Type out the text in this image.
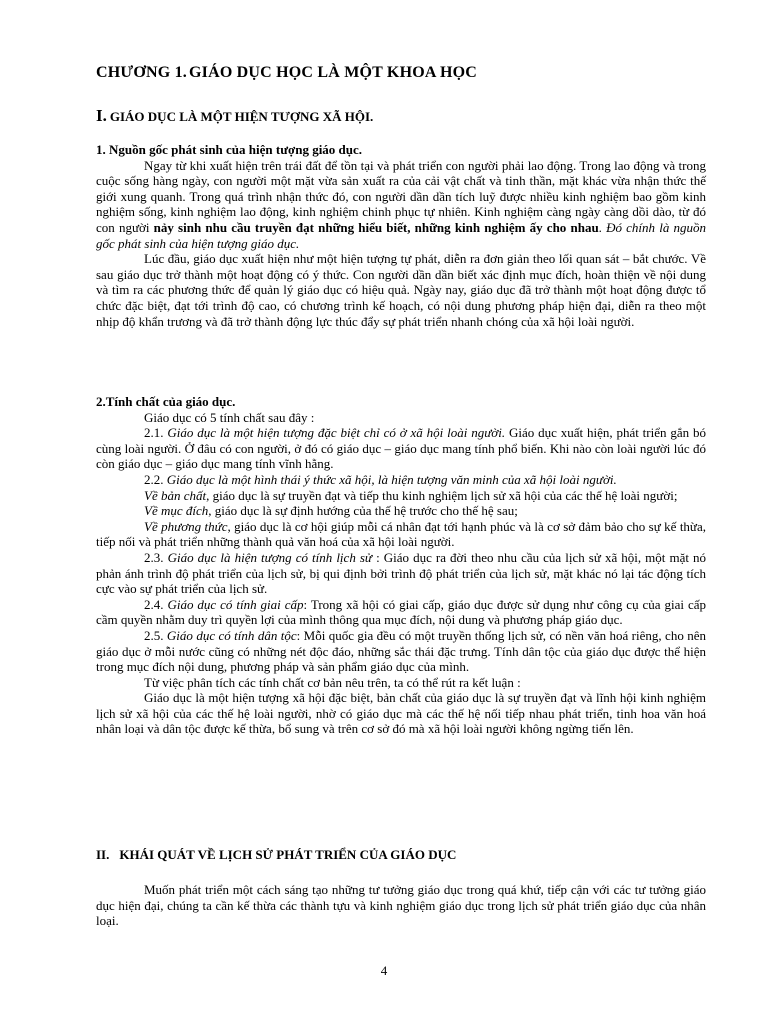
CHƯƠNG 1. GIÁO DỤC HỌC LÀ MỘT KHOA HỌC
I. GIÁO DỤC LÀ MỘT HIỆN TƯỢNG XÃ HỘI.
1. Nguồn gốc phát sinh của hiện tượng giáo dục.

Ngay từ khi xuất hiện trên trái đất để tồn tại và phát triển con người phải lao động. Trong lao động và trong cuộc sống hàng ngày, con người một mặt vừa sản xuất ra của cải vật chất và tinh thần, mặt khác vừa nhận thức thế giới xung quanh. Trong quá trình nhận thức đó, con người dần dần tích luỹ được nhiều kinh nghiệm bao gồm kinh nghiệm sống, kinh nghiệm lao động, kinh nghiệm chinh phục tự nhiên. Kinh nghiệm càng ngày càng dồi dào, từ đó con người nảy sinh nhu cầu truyền đạt những hiểu biết, những kinh nghiệm ấy cho nhau. Đó chính là nguồn gốc phát sinh của hiện tượng giáo dục.

Lúc đầu, giáo dục xuất hiện như một hiện tượng tự phát, diễn ra đơn giản theo lối quan sát – bắt chước. Về sau giáo dục trở thành một hoạt động có ý thức. Con người dần dần biết xác định mục đích, hoàn thiện về nội dung và tìm ra các phương thức để quản lý giáo dục có hiệu quả. Ngày nay, giáo dục đã trở thành một hoạt động được tổ chức đặc biệt, đạt tới trình độ cao, có chương trình kế hoạch, có nội dung phương pháp hiện đại, diễn ra theo một nhịp độ khẩn trương và đã trở thành động lực thúc đẩy sự phát triển nhanh chóng của xã hội loài người.

2.Tính chất của giáo dục.

Giáo dục có 5 tính chất sau đây :

2.1. Giáo dục là một hiện tượng đặc biệt chỉ có ở xã hội loài người. Giáo dục xuất hiện, phát triển gắn bó cùng loài người. Ở đâu có con người, ở đó có giáo dục – giáo dục mang tính phổ biến. Khi nào còn loài người lúc đó còn giáo dục – giáo dục mang tính vĩnh hằng.

2.2. Giáo dục là một hình thái ý thức xã hội, là hiện tượng văn minh của xã hội loài người.

Về bản chất, giáo dục là sự truyền đạt và tiếp thu kinh nghiệm lịch sử xã hội của các thế hệ loài người;

Về mục đích, giáo dục là sự định hướng của thế hệ trước cho thế hệ sau;

Về phương thức, giáo dục là cơ hội giúp mỗi cá nhân đạt tới hạnh phúc và là cơ sở đảm bảo cho sự kế thừa, tiếp nối và phát triển những thành quả văn hoá của xã hội loài người.

2.3. Giáo dục là hiện tượng có tính lịch sử : Giáo dục ra đời theo nhu cầu của lịch sử xã hội, một mặt nó phản ánh trình độ phát triển của lịch sử, bị qui định bởi trình độ phát triển của lịch sử, mặt khác nó lại tác động tích cực vào sự phát triển của lịch sử.

2.4. Giáo dục có tính giai cấp: Trong xã hội có giai cấp, giáo dục được sử dụng như công cụ của giai cấp cầm quyền nhằm duy trì quyền lợi của mình thông qua mục đích, nội dung và phương pháp giáo dục.

2.5. Giáo dục có tính dân tộc: Mỗi quốc gia đều có một truyền thống lịch sử, có nền văn hoá riêng, cho nên giáo dục ở mỗi nước cũng có những nét độc đáo, những sắc thái đặc trưng. Tính dân tộc của giáo dục được thể hiện trong mục đích nội dung, phương pháp và sản phẩm giáo dục của mình.

Từ việc phân tích các tính chất cơ bản nêu trên, ta có thể rút ra kết luận :

Giáo dục là một hiện tượng xã hội đặc biệt, bản chất của giáo dục là sự truyền đạt và lĩnh hội kinh nghiệm lịch sử xã hội của các thế hệ loài người, nhờ có giáo dục mà các thế hệ nối tiếp nhau phát triển, tinh hoa văn hoá nhân loại và dân tộc được kế thừa, bổ sung và trên cơ sở đó mà xã hội loài người không ngừng tiến lên.

II. KHÁI QUÁT VỀ LỊCH SỬ PHÁT TRIỂN CỦA GIÁO DỤC

Muốn phát triển một cách sáng tạo những tư tưởng giáo dục trong quá khứ, tiếp cận với các tư tưởng giáo dục hiện đại, chúng ta cần kế thừa các thành tựu và kinh nghiệm giáo dục trong lịch sử phát triển giáo dục của nhân loại.

4
